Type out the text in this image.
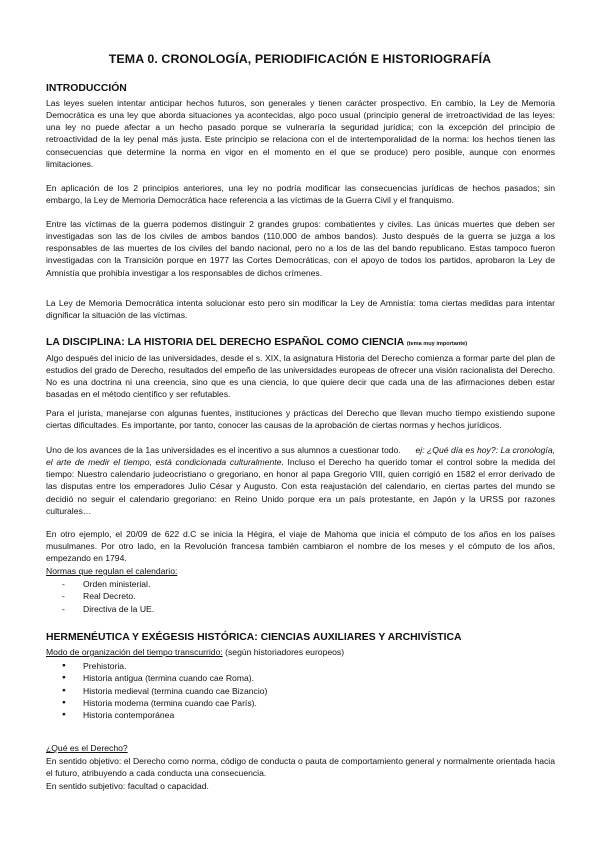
TEMA 0. CRONOLOGÍA, PERIODIFICACIÓN E HISTORIOGRAFÍA
INTRODUCCIÓN

Las leyes suelen intentar anticipar hechos futuros, son generales y tienen carácter prospectivo. En cambio, la Ley de Memoria Democrática es una ley que aborda situaciones ya acontecidas, algo poco usual (principio general de irretroactividad de las leyes: una ley no puede afectar a un hecho pasado porque se vulneraría la seguridad jurídica; con la excepción del principio de retroactividad de la ley penal más justa. Este principio se relaciona con el de intertemporalidad de la norma: los hechos tienen las consecuencias que determine la norma en vigor en el momento en el que se produce) pero posible, aunque con enormes limitaciones.

En aplicación de los 2 principios anteriores, una ley no podría modificar las consecuencias jurídicas de hechos pasados; sin embargo, la Ley de Memoria Democrática hace referencia a las víctimas de la Guerra Civil y el franquismo.

Entre las víctimas de la guerra podemos distinguir 2 grandes grupos: combatientes y civiles. Las únicas muertes que deben ser investigadas son las de los civiles de ambos bandos (110.000 de ambos bandos). Justo después de la guerra se juzga a los responsables de las muertes de los civiles del bando nacional, pero no a los de las del bando republicano. Estas tampoco fueron investigadas con la Transición porque en 1977 las Cortes Democráticas, con el apoyo de todos los partidos, aprobaron la Ley de Amnistía que prohibía investigar a los responsables de dichos crímenes.

La Ley de Memoria Democrática intenta solucionar esto pero sin modificar la Ley de Amnistía: toma ciertas medidas para intentar dignificar la situación de las víctimas.

LA DISCIPLINA: LA HISTORIA DEL DERECHO ESPAÑOL COMO CIENCIA (tema muy importante)

Algo después del inicio de las universidades, desde el s. XIX, la asignatura Historia del Derecho comienza a formar parte del plan de estudios del grado de Derecho, resultados del empeño de las universidades europeas de ofrecer una visión racionalista del Derecho. No es una doctrina ni una creencia, sino que es una ciencia, lo que quiere decir que cada una de las afirmaciones deben estar basadas en el método científico y ser refutables.

Para el jurista, manejarse con algunas fuentes, instituciones y prácticas del Derecho que llevan mucho tiempo existiendo supone ciertas dificultades. Es importante, por tanto, conocer las causas de la aprobación de ciertas normas y hechos jurídicos.

Uno de los avances de la 1as universidades es el incentivo a sus alumnos a cuestionar todo. ej: ¿Qué día es hoy?: La cronología, el arte de medir el tiempo, está condicionada culturalmente. Incluso el Derecho ha querido tomar el control sobre la medida del tiempo: Nuestro calendario judeocristiano o gregoriano, en honor al papa Gregorio VIII, quien corrigió en 1582 el error derivado de las disputas entre los emperadores Julio César y Augusto. Con esta reajustación del calendario, en ciertas partes del mundo se decidió no seguir el calendario gregoriano: en Reino Unido porque era un país protestante, en Japón y la URSS por razones culturales…

En otro ejemplo, el 20/09 de 622 d.C se inicia la Hégira, el viaje de Mahoma que inicia el cómputo de los años en los países musulmanes. Por otro lado, en la Revolución francesa también cambiaron el nombre de los meses y el cómputo de los años, empezando en 1794.

Normas que regulan el calendario:

- Orden ministerial.
- Real Decreto.
- Directiva de la UE.
HERMENÉUTICA Y EXÉGESIS HISTÓRICA: CIENCIAS AUXILIARES Y ARCHIVÍSTICA

Modo de organización del tiempo transcurrido: (según historiadores europeos)

● Prehistoria.
● Historia antigua (termina cuando cae Roma).
● Historia medieval (termina cuando cae Bizancio)
● Historia moderna (termina cuando cae París).
● Historia contemporánea

¿Qué es el Derecho?

En sentido objetivo: el Derecho como norma, código de conducta o pauta de comportamiento general y normalmente orientada hacia el futuro, atribuyendo a cada conducta una consecuencia.

En sentido subjetivo: facultad o capacidad.
